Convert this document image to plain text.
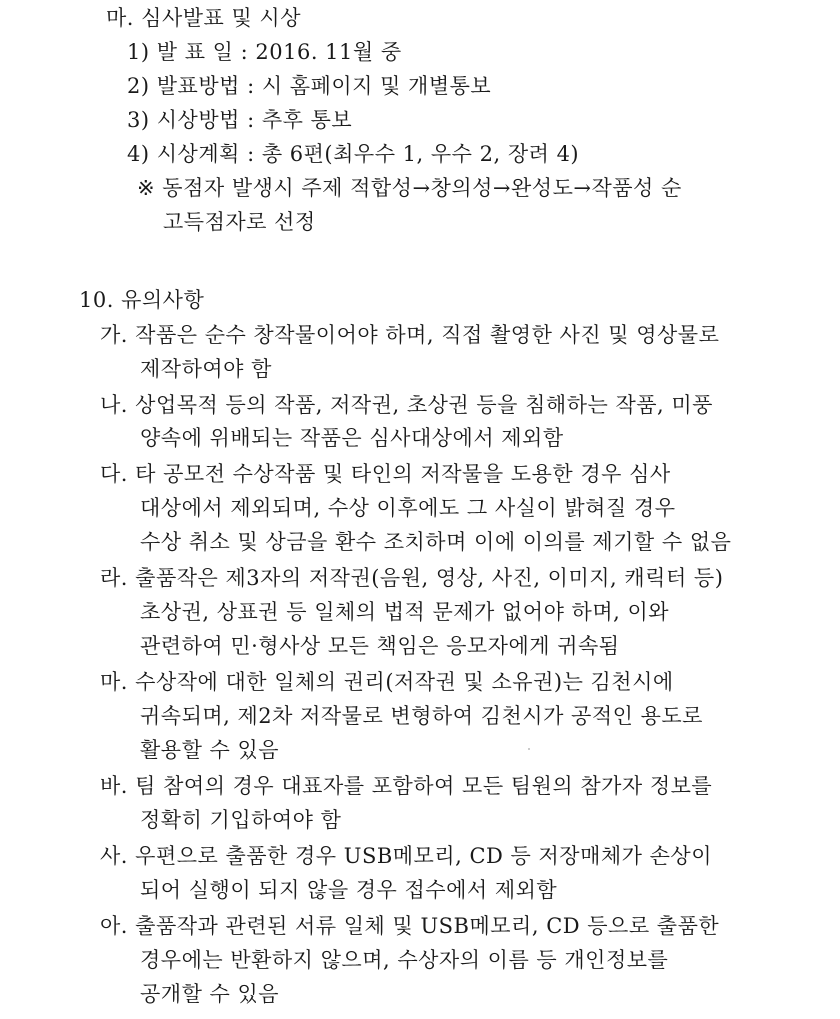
마. 심사발표 및 시상
1) 발 표 일 : 2016. 11월 중
2) 발표방법 : 시 홈페이지 및 개별통보
3) 시상방법 : 추후 통보
4) 시상계획 : 총 6편(최우수 1, 우수 2, 장려 4)
※ 동점자 발생시 주제 적합성→창의성→완성도→작품성 순
고득점자로 선정
10. 유의사항
가. 작품은 순수 창작물이어야 하며, 직접 촬영한 사진 및 영상물로
제작하여야 함
나. 상업목적 등의 작품, 저작권, 초상권 등을 침해하는 작품, 미풍
양속에 위배되는 작품은 심사대상에서 제외함
다. 타 공모전 수상작품 및 타인의 저작물을 도용한 경우 심사
대상에서 제외되며, 수상 이후에도 그 사실이 밝혀질 경우
수상 취소 및 상금을 환수 조치하며 이에 이의를 제기할 수 없음
라. 출품작은 제3자의 저작권(음원, 영상, 사진, 이미지, 캐릭터 등)
초상권, 상표권 등 일체의 법적 문제가 없어야 하며, 이와
관련하여 민·형사상 모든 책임은 응모자에게 귀속됨
마. 수상작에 대한 일체의 권리(저작권 및 소유권)는 김천시에
귀속되며, 제2차 저작물로 변형하여 김천시가 공적인 용도로
활용할 수 있음
바. 팀 참여의 경우 대표자를 포함하여 모든 팀원의 참가자 정보를
정확히 기입하여야 함
사. 우편으로 출품한 경우 USB메모리, CD 등 저장매체가 손상이
되어 실행이 되지 않을 경우 접수에서 제외함
아. 출품작과 관련된 서류 일체 및 USB메모리, CD 등으로 출품한
경우에는 반환하지 않으며, 수상자의 이름 등 개인정보를
공개할 수 있음
